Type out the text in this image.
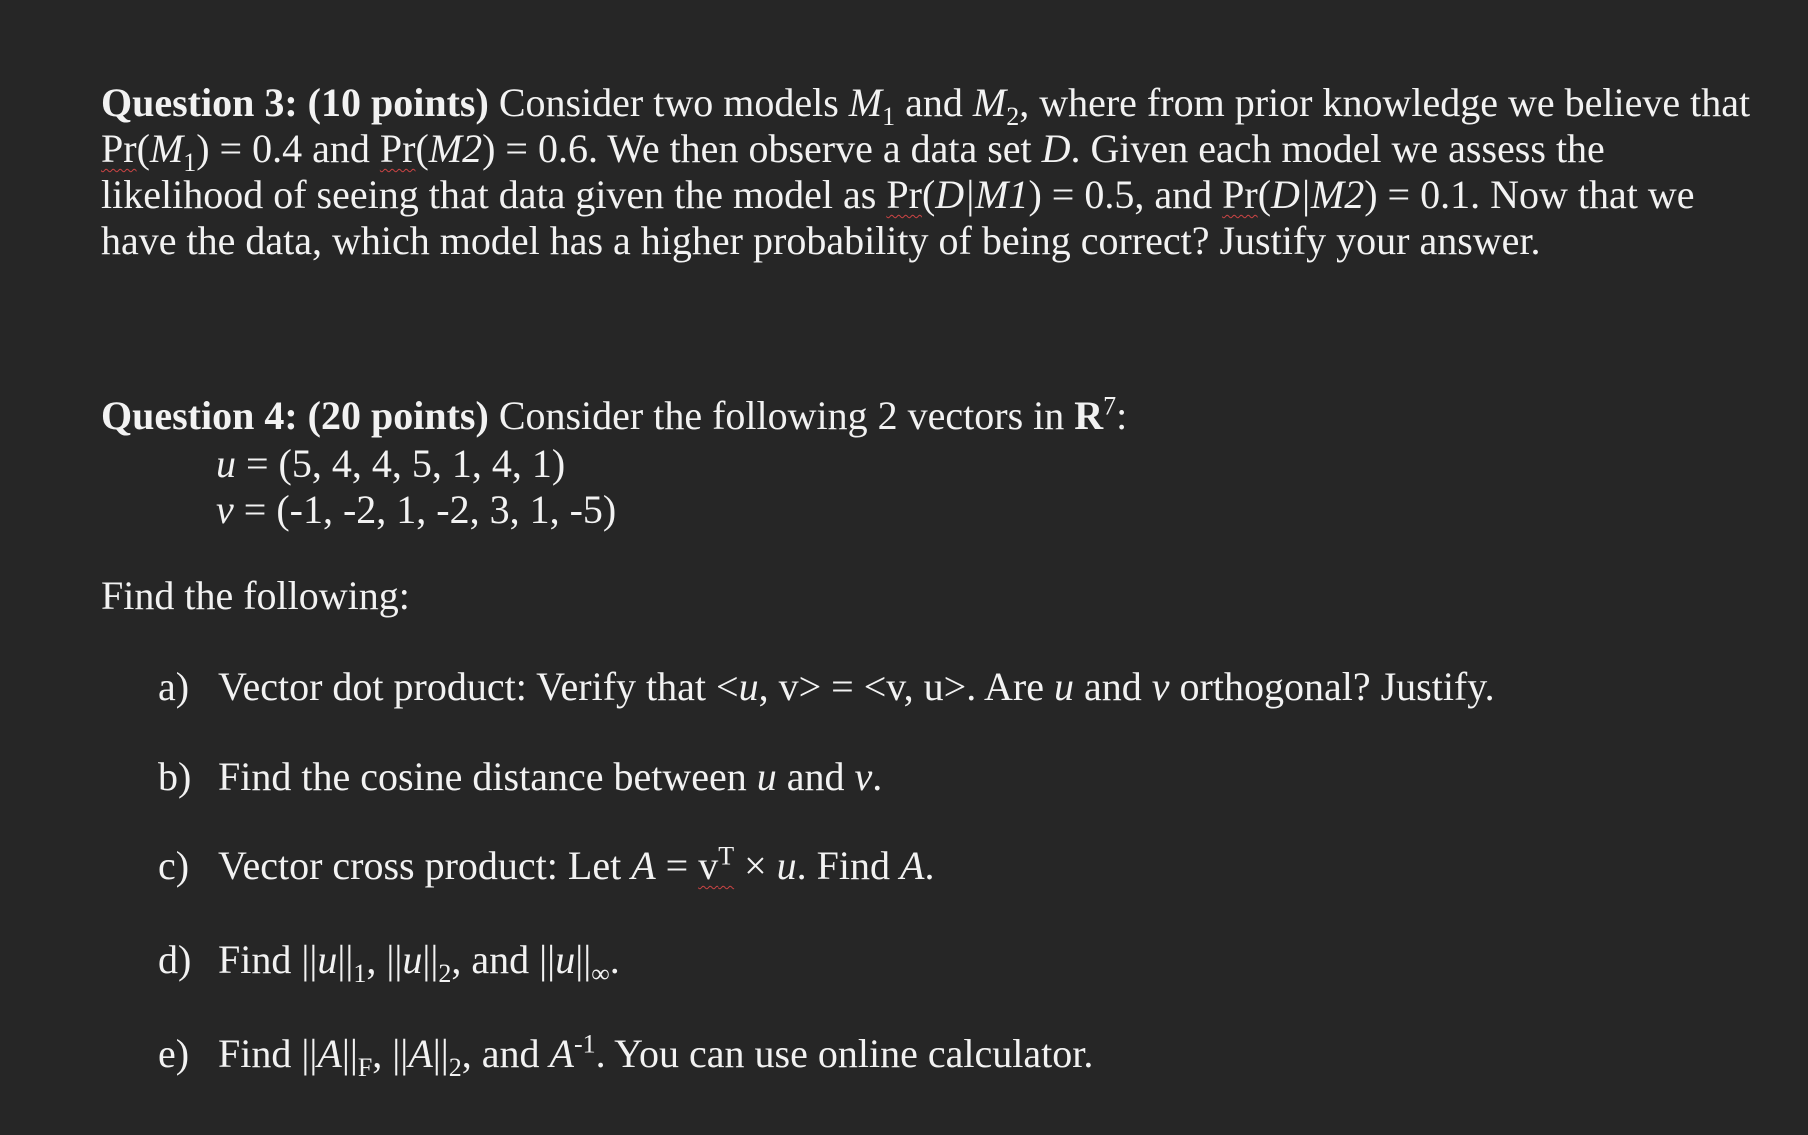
Question 3: (10 points) Consider two models $M_1$ and $M_2$, where from prior knowledge we believe that $Pr(M_1) = 0.4$ and Pr(M2) = 0.6. We then observe a data set D. Given each model we assess the likelihood of seeing that data given the model as Pr(D|M1) = 0.5, and Pr(D|M2) = 0.1. Now that we have the data, which model has a higher probability of being correct? Justify your answer.
Question 4: (20 points) Consider the following 2 vectors in $R^7$:
u = (5, 4, 4, 5, 1, 4, 1)
v = (-1, -2, 1, -2, 3, 1, -5)
Find the following:
a) Vector dot product: Verify that <u, v> = <v, u>. Are u and v orthogonal? Justify.
b) Find the cosine distance between u and v.
c) Vector cross product: Let $A = v^T \times u$. Find A.
d) Find $||u||_1$, $||u||_2$, and $||u||_\infty$.
e) Find $||A||_F$, $||A||_2$, and $A^{-1}$. You can use online calculator.
